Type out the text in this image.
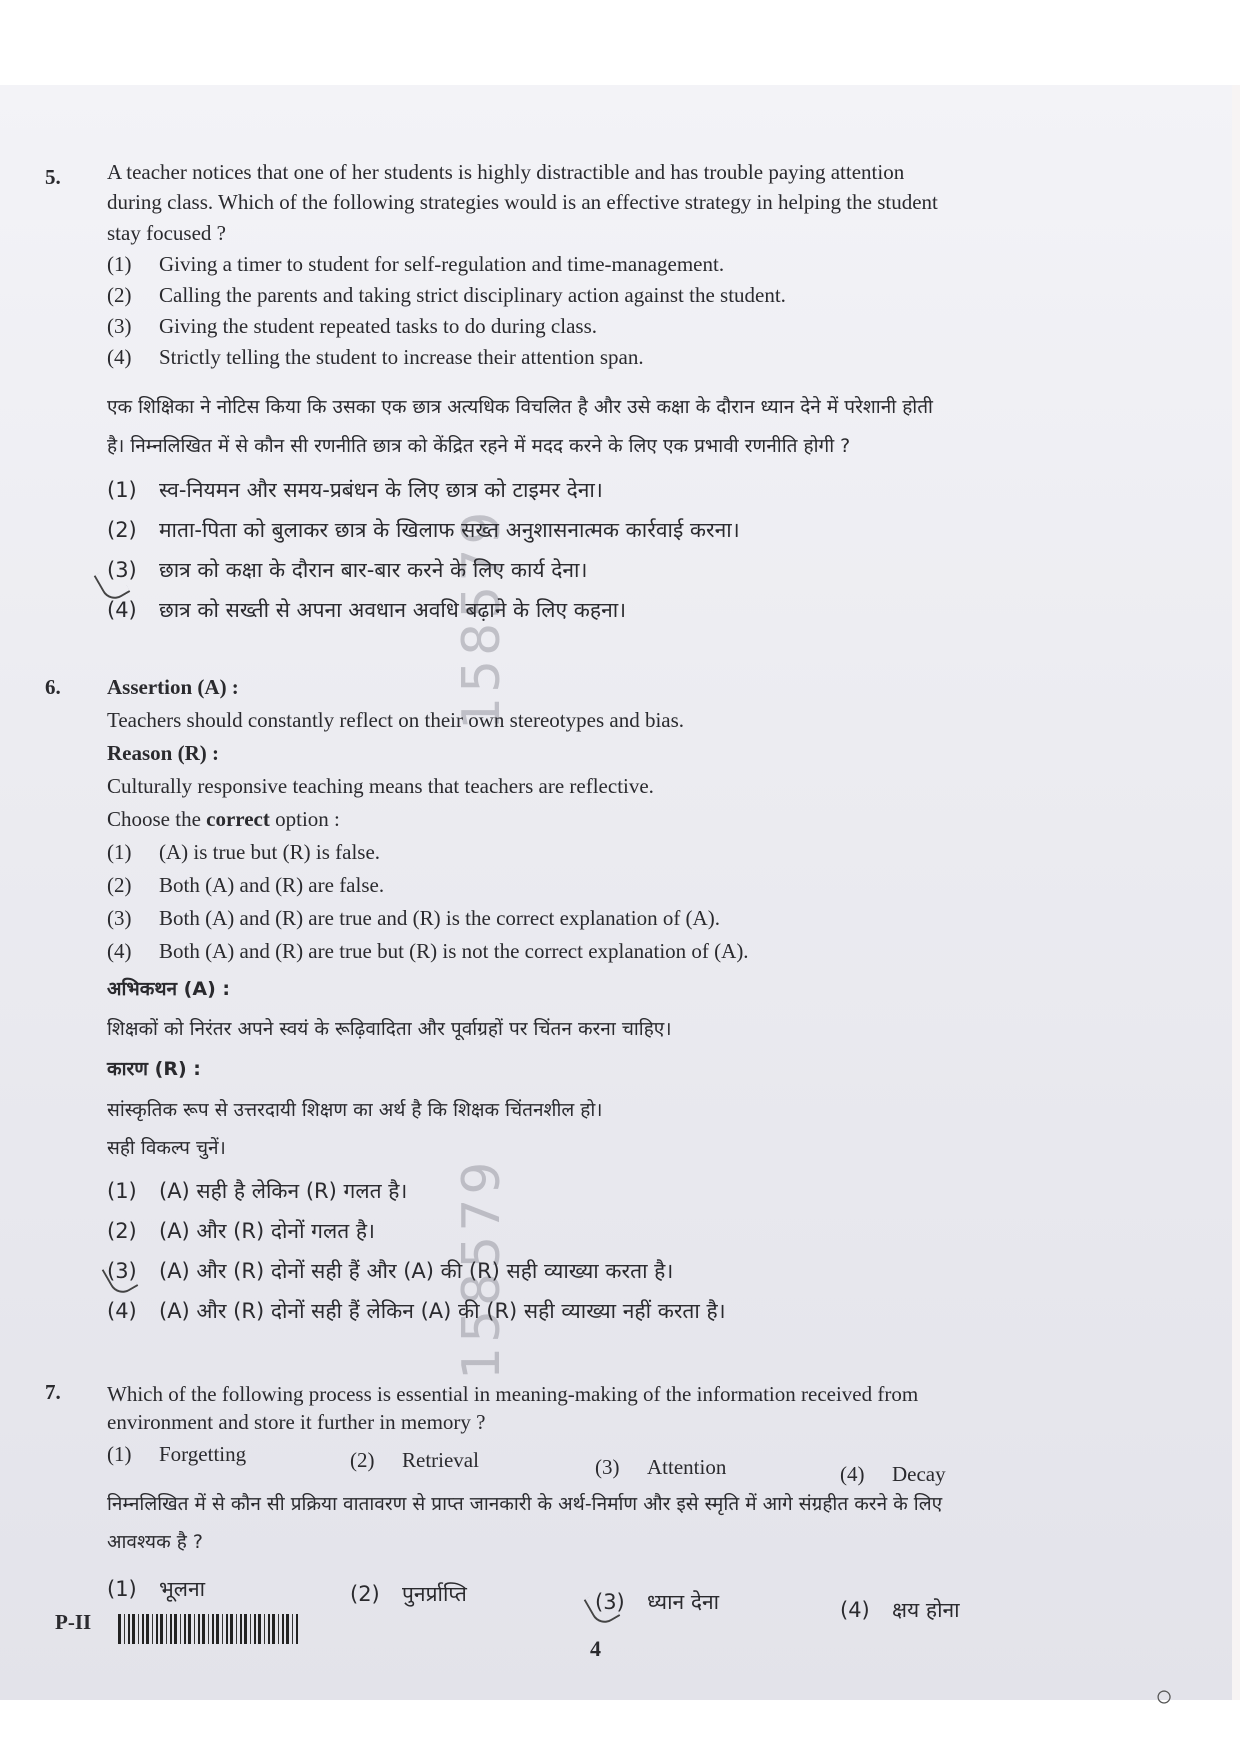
158579
158579
5. A teacher notices that one of her students is highly distractible and has trouble paying attention
during class. Which of the following strategies would is an effective strategy in helping the student
stay focused ?
(1) Giving a timer to student for self-regulation and time-management.
(2) Calling the parents and taking strict disciplinary action against the student.
(3) Giving the student repeated tasks to do during class.
(4) Strictly telling the student to increase their attention span.
एक शिक्षिका ने नोटिस किया कि उसका एक छात्र अत्यधिक विचलित है और उसे कक्षा के दौरान ध्यान देने में परेशानी होती
है। निम्नलिखित में से कौन सी रणनीति छात्र को केंद्रित रहने में मदद करने के लिए एक प्रभावी रणनीति होगी ?
(1) स्व-नियमन और समय-प्रबंधन के लिए छात्र को टाइमर देना।
(2) माता-पिता को बुलाकर छात्र के खिलाफ सख्त अनुशासनात्मक कार्रवाई करना।
(3) छात्र को कक्षा के दौरान बार-बार करने के लिए कार्य देना।
(4) छात्र को सख्ती से अपना अवधान अवधि बढ़ाने के लिए कहना।
6. Assertion (A) :
Teachers should constantly reflect on their own stereotypes and bias.
Reason (R) :
Culturally responsive teaching means that teachers are reflective.
Choose the correct option :
(1) (A) is true but (R) is false.
(2) Both (A) and (R) are false.
(3) Both (A) and (R) are true and (R) is the correct explanation of (A).
(4) Both (A) and (R) are true but (R) is not the correct explanation of (A).
अभिकथन (A) :
शिक्षकों को निरंतर अपने स्वयं के रूढ़िवादिता और पूर्वाग्रहों पर चिंतन करना चाहिए।
कारण (R) :
सांस्कृतिक रूप से उत्तरदायी शिक्षण का अर्थ है कि शिक्षक चिंतनशील हो।
सही विकल्प चुनें।
(1) (A) सही है लेकिन (R) गलत है।
(2) (A) और (R) दोनों गलत है।
(3) (A) और (R) दोनों सही हैं और (A) की (R) सही व्याख्या करता है।
(4) (A) और (R) दोनों सही हैं लेकिन (A) की (R) सही व्याख्या नहीं करता है।
7. Which of the following process is essential in meaning-making of the information received from
environment and store it further in memory ?
(1) Forgetting	(2) Retrieval	(3) Attention	(4) Decay
निम्नलिखित में से कौन सी प्रक्रिया वातावरण से प्राप्त जानकारी के अर्थ-निर्माण और इसे स्मृति में आगे संग्रहीत करने के लिए
आवश्यक है ?
(1) भूलना	(2) पुनर्प्राप्ति	(3) ध्यान देना	(4) क्षय होना
P-II
4
○
